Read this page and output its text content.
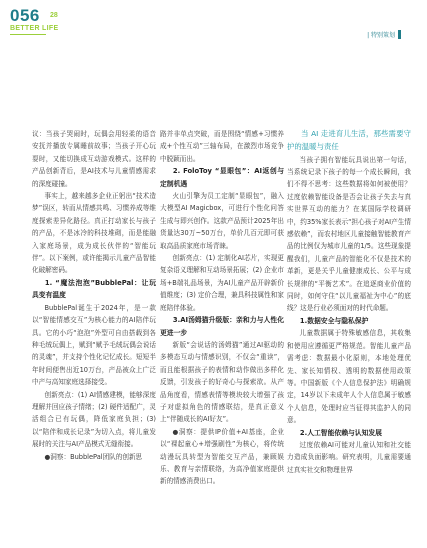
056 28
BETTER LIFE
| 特别策划

议：当孩子哭闹时，玩偶会用轻柔的语音安抚并播放专属睡前故事；当孩子开心玩耍时，又能切换成互动游戏模式。这样的产品创新背后，是AI技术与儿童情感需求的深度碰撞。

事实上，越来越多企业正躬出“技术造梦”误区，转而从情感共鸣、习惯养成等维度探索差异化路径。真正打动家长与孩子的产品，不是冰冷的科技堆砌，而是能融入家庭场景，成为成长伙伴的“智能玩伴”。以下案例，或许能揭示儿童产品智能化破解密码。

1. “魔法泡泡”BubblePal：让玩具变有温度

BubblePal诞生于2024年，是一款以“智能情感交互”为核心能力的AI陪伴玩具。它的小巧“泡泡”外型可自由搭载到各种毛绒玩偶上，赋到“赋予毛绒玩偶会说话的灵魂”，并支持个性化记忆成长。短短半年时间便售出近10万台，产品被众上广泛中产与高知家庭选择接受。

创新亮点：(1) AI情感建模，能够深度理解并回应孩子情绪；(2) 硬件适配广，灵活组合已有玩偶，降低家庭负担；(3) 以“陪伴和成长记录”为切入点，将儿童发展时的关注与AI产品模式无缝衔接。

●洞察：BubblePal团队的创新思

路并非单点突破，而是围绕“情感+习惯养成+个性互动”三轴布局，在激烈市场竞争中脱颖而出。

2. FoloToy “显眼包”：AI返创与定制机遇

火山引擎为员工定制“显眼包”，融入大模型AI Magicbox，可进行个性化问答生成与即兴创作。这款产品预计2025年出货量达30万~50万台，单价几百元即可获取高品质家庭市场青睐。

创新亮点：(1) 定制化AI芯片，实现更复杂语义理解和互动场景拓展；(2) 企业市场+B端礼品场景，为AI儿童产品开辟新价值维度；(3) 定价合理，兼具科技属性和家庭陪伴体验。

3.AI汤姆猫升级版：亲和力与人性化更进一步

新版“会说话的汤姆猫”通过AI驱动的多模态互动与情感识别，不仅会“重读”，而且能根据孩子的表情和动作做出多样化反馈，引发孩子的好奇心与探索欲。从产品角度看，情感表情等模块较大增强了孩子对虚拟角色的情感联结，是真正意义上“伴随成长的AI好友”。

●洞察：提供IP价值+AI基座，企业以“裸起童心+增强刷性”为核心，将传统动漫玩具转型为智能交互产品，兼顾娱乐、教育与亲情联络，为高净值家庭提供新的情感消费出口。

当 AI 走进育儿生活，那些需要守护的温暖与责任

当孩子拥有智能玩具说出第一句话，当系统记录下孩子的每一个成长瞬间，我们不得不思考：这些数据将如何被使用？过度依赖智能设备是否会让孩子失去与真实世界互动的能力？在某国际学校调研中，约35%家长表示“担心孩子对AI产生情感依赖”，而农村地区儿童接触智能教育产品的比例仅为城市儿童的1/5。这些现象提醒我们，儿童产品的智能化不仅是技术的革新，更是关乎儿童健康成长、公平与成长规律的“平衡艺术”。在追逐商业价值的同时，如何守住“以儿童福祉为中心”的底线？这是行业必须面对的时代命题。

1.数据安全与隐私保护

儿童数据属于特殊敏感信息，其收集和使用应遵循更严格规范。智能儿童产品需考虑：数据最小化原则，本地处理优先、家长知情权、透明的数据使用政策等。中国新版《个人信息保护法》明确规定，14岁以下未成年人个人信息属于敏感个人信息，处理时应当征得其监护人的同意。

2.人工智能依赖与认知发展

过度依赖AI可能对儿童认知和社交能力造成负面影响。研究表明，儿童需要通过真实社交和物理世界
